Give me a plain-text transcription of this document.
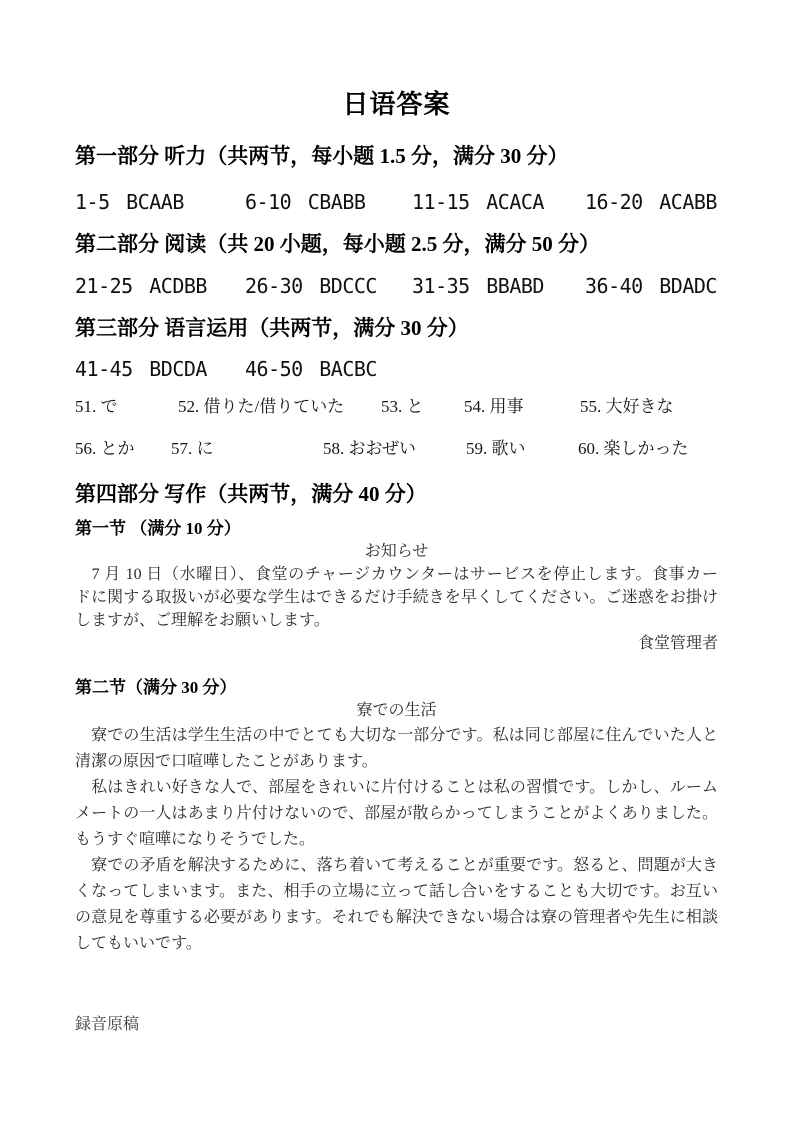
日语答案
第一部分 听力（共两节，每小题 1.5 分，满分 30 分）
1-5 BCAAB	6-10 CBABB 11-15 ACACA 16-20 ACABB
第二部分 阅读（共 20 小题，每小题 2.5 分，满分 50 分）
21-25 ACDBB 26-30 BDCCC 31-35 BBABD 36-40 BDADC
第三部分 语言运用（共两节，满分 30 分）
41-45 BDCDA 46-50 BACBC
51. で	52. 借りた/借りていた 53. と 54. 用事	55. 大好きな
56. とか 57. に	58. おおぜい	59. 歌い	60. 楽しかった
第四部分 写作（共两节，满分 40 分）
第一节 （满分 10 分）
お知らせ
　7 月 10 日（水曜日）、食堂のチャージカウンターはサービスを停止します。食事カー
ドに関する取扱いが必要な学生はできるだけ手続きを早くしてください。ご迷惑をお掛け
しますが、ご理解をお願いします。
食堂管理者
第二节（满分 30 分）
寮での生活
　寮での生活は学生生活の中でとても大切な一部分です。私は同じ部屋に住んでいた人と
清潔の原因で口喧嘩したことがあります。
　私はきれい好きな人で、部屋をきれいに片付けることは私の習慣です。しかし、ルーム
メートの一人はあまり片付けないので、部屋が散らかってしまうことがよくありました。
もうすぐ喧嘩になりそうでした。
　寮での矛盾を解決するために、落ち着いて考えることが重要です。怒ると、問題が大き
くなってしまいます。また、相手の立場に立って話し合いをすることも大切です。お互い
の意見を尊重する必要があります。それでも解決できない場合は寮の管理者や先生に相談
してもいいです。
録音原稿
